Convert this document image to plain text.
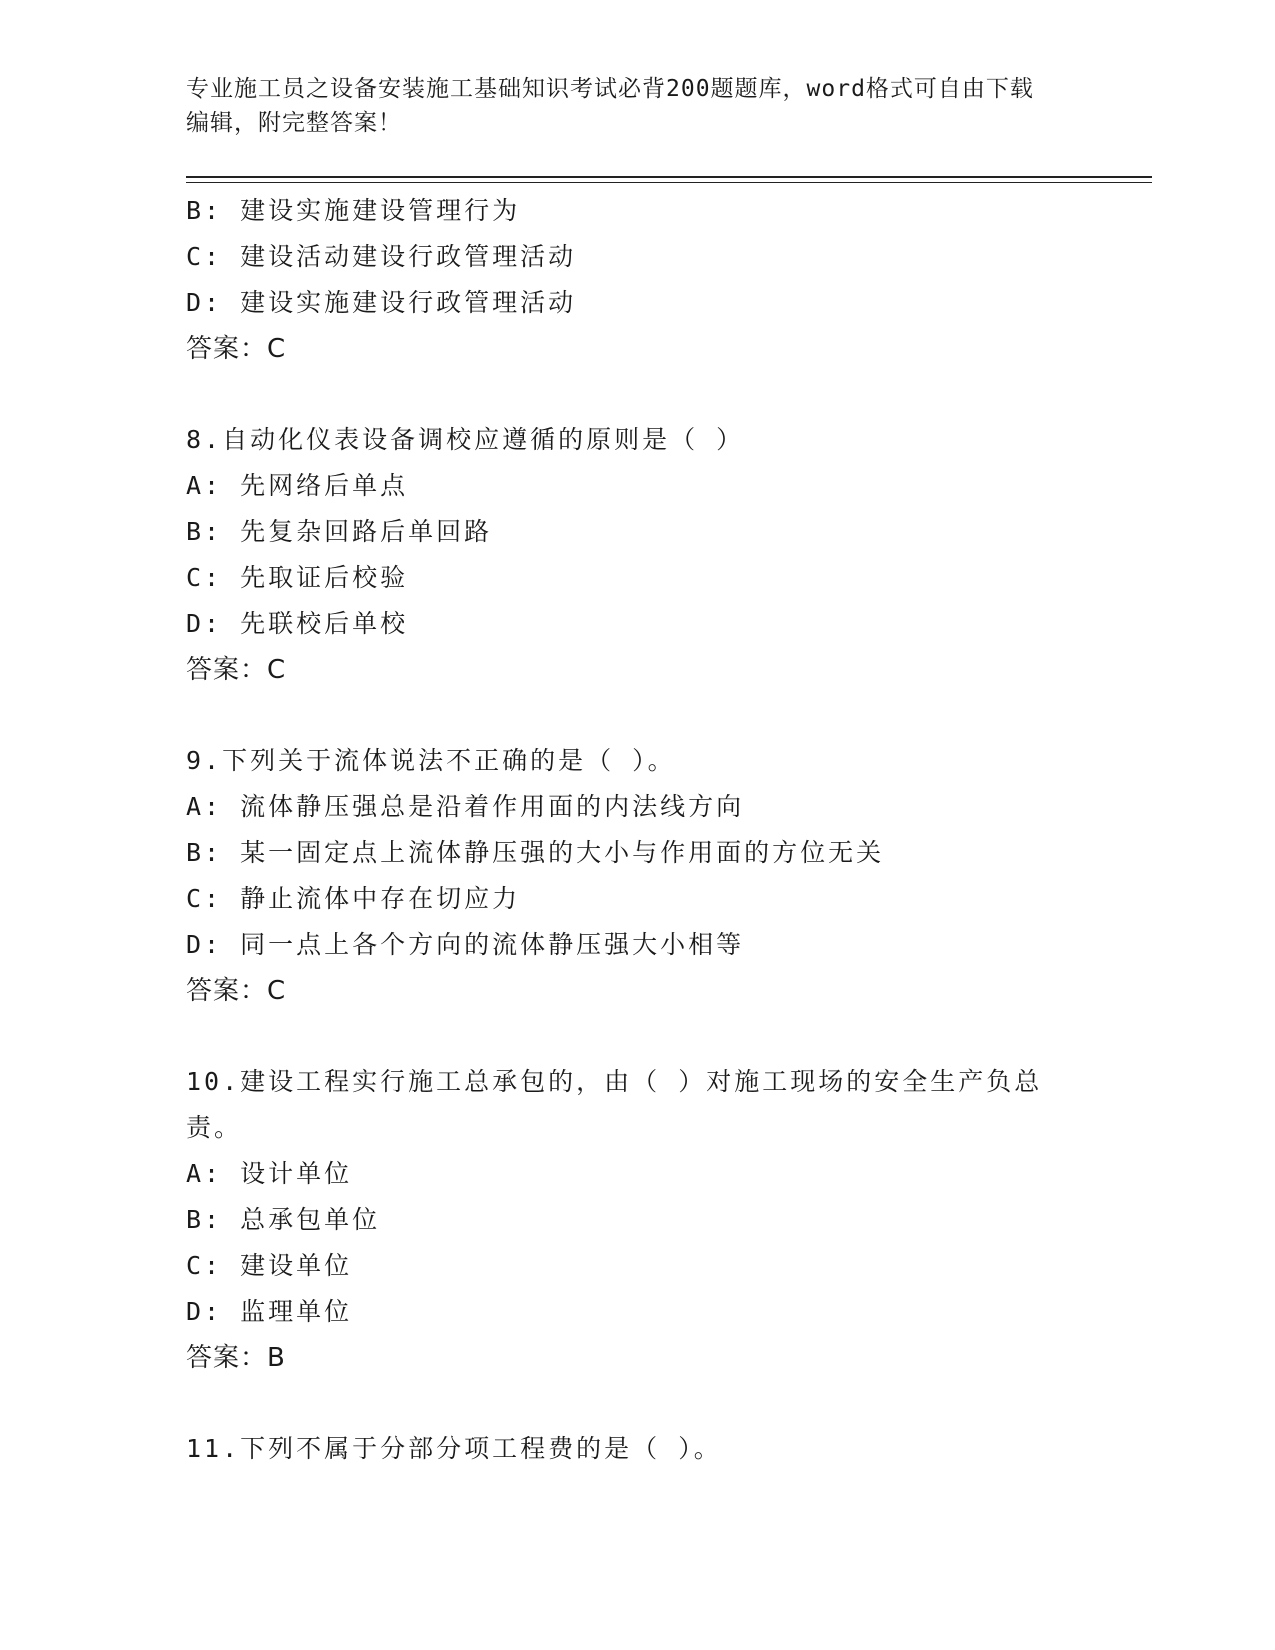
专业施工员之设备安装施工基础知识考试必背200题题库，word格式可自由下载
编辑，附完整答案！
B: 建设实施建设管理行为
C: 建设活动建设行政管理活动
D: 建设实施建设行政管理活动
答案：C
8.自动化仪表设备调校应遵循的原则是（ ）
A: 先网络后单点
B: 先复杂回路后单回路
C: 先取证后校验
D: 先联校后单校
答案：C
9.下列关于流体说法不正确的是（ ）。
A: 流体静压强总是沿着作用面的内法线方向
B: 某一固定点上流体静压强的大小与作用面的方位无关
C: 静止流体中存在切应力
D: 同一点上各个方向的流体静压强大小相等
答案：C
10.建设工程实行施工总承包的，由（ ）对施工现场的安全生产负总
责。
A: 设计单位
B: 总承包单位
C: 建设单位
D: 监理单位
答案：B
11.下列不属于分部分项工程费的是（ ）。
